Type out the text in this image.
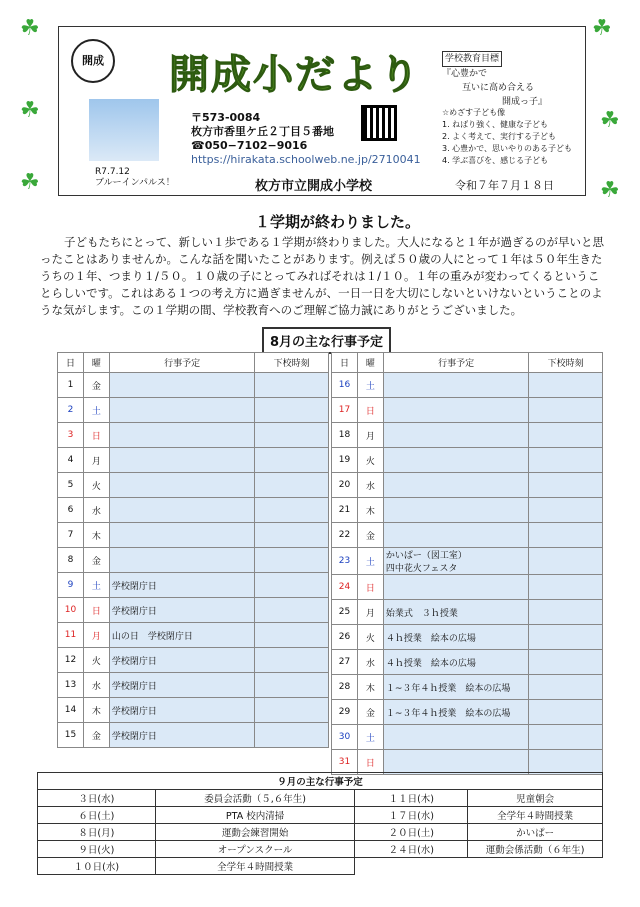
☘	☘
☘	☘
☘	☘
開成 開成小だより	学校教育目標
『心豊かで
互いに高め合える
開成っ子』
R7.7.12
ブルーインパルス！
〒573-0084
枚方市香里ケ丘２丁目５番地
☎050−7102−9016
https://hirakata.schoolweb.ne.jp/2710041
☆めざす子ども像
1. ねばり強く、健康な子ども
2. よく考えて、実行する子ども
3. 心豊かで、思いやりのある子ども
4. 学ぶ喜びを、感じる子ども
枚方市立開成小学校	令和７年７月１８日
１学期が終わりました。
子どもたちにとって、新しい１歩である１学期が終わりました。大人になると１年が過ぎるのが早いと思ったことはありませんか。こんな話を聞いたことがあります。例えば５０歳の人にとって１年は５０年生きたうちの１年、つまり１/５０。１０歳の子にとってみればそれは１/１０。１年の重みが変わってくるということらしいです。これはある１つの考え方に過ぎませんが、一日一日を大切にしないといけないということのような気がします。この１学期の間、学校教育へのご理解ご協力誠にありがとうございました。
8月の主な行事予定
日	曜	行事予定	下校時刻
1	金		
2	土		
3	日		
4	月		
5	火		
6	水		
7	木		
8	金		
9	土	学校閉庁日	
10	日	学校閉庁日	
11	月	山の日　学校閉庁日	
12	火	学校閉庁日	
13	水	学校閉庁日	
14	木	学校閉庁日	
15	金	学校閉庁日	
日	曜	行事予定	下校時刻
16	土		
17	日		
18	月		
19	火		
20	水		
21	木		
22	金		
23	土	かいぱー（図工室）
四中花火フェスタ	
24	日		
25	月	始業式　３ｈ授業	
26	火	４ｈ授業　絵本の広場	
27	水	４ｈ授業　絵本の広場	
28	木	１~３年４ｈ授業　絵本の広場	
29	金	１~３年４ｈ授業　絵本の広場	
30	土		
31	日		
９月の主な行事予定			
３日(水)	委員会活動（５,６年生)	１１日(木)	児童朝会
６日(土)	PTA 校内清掃	１７日(水)	全学年４時間授業
８日(月)	運動会練習開始	２０日(土)	かいぱー
９日(火)	オープンスクール	２４日(水)	運動会係活動（６年生)
１０日(水)	全学年４時間授業		
